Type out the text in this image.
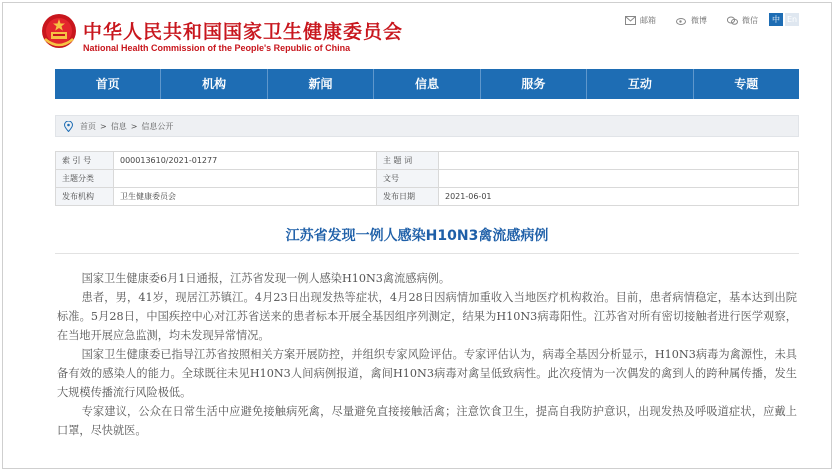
中华人民共和国国家卫生健康委员会
National Health Commission of the People's Republic of China
邮箱	微博	微信	中 En
首页	机构	新闻	信息	服务	互动	专题
首页 > 信息 > 信息公开
索 引 号	000013610/2021-01277	主 题 词	
主题分类		文号	
发布机构	卫生健康委员会	发布日期	2021-06-01
江苏省发现一例人感染H10N3禽流感病例

国家卫生健康委6月1日通报，江苏省发现一例人感染H10N3禽流感病例。

患者，男，41岁，现居江苏镇江。4月23日出现发热等症状，4月28日因病情加重收入当地医疗机构救治。目前，患者病情稳定，基本达到出院标准。5月28日，中国疾控中心对江苏省送来的患者标本开展全基因组序列测定，结果为H10N3病毒阳性。江苏省对所有密切接触者进行医学观察，在当地开展应急监测，均未发现异常情况。

国家卫生健康委已指导江苏省按照相关方案开展防控，并组织专家风险评估。专家评估认为，病毒全基因分析显示，H10N3病毒为禽源性，未具备有效的感染人的能力。全球既往未见H10N3人间病例报道，禽间H10N3病毒对禽呈低致病性。此次疫情为一次偶发的禽到人的跨种属传播，发生大规模传播流行风险极低。

专家建议，公众在日常生活中应避免接触病死禽，尽量避免直接接触活禽；注意饮食卫生，提高自我防护意识，出现发热及呼吸道症状，应戴上口罩，尽快就医。
